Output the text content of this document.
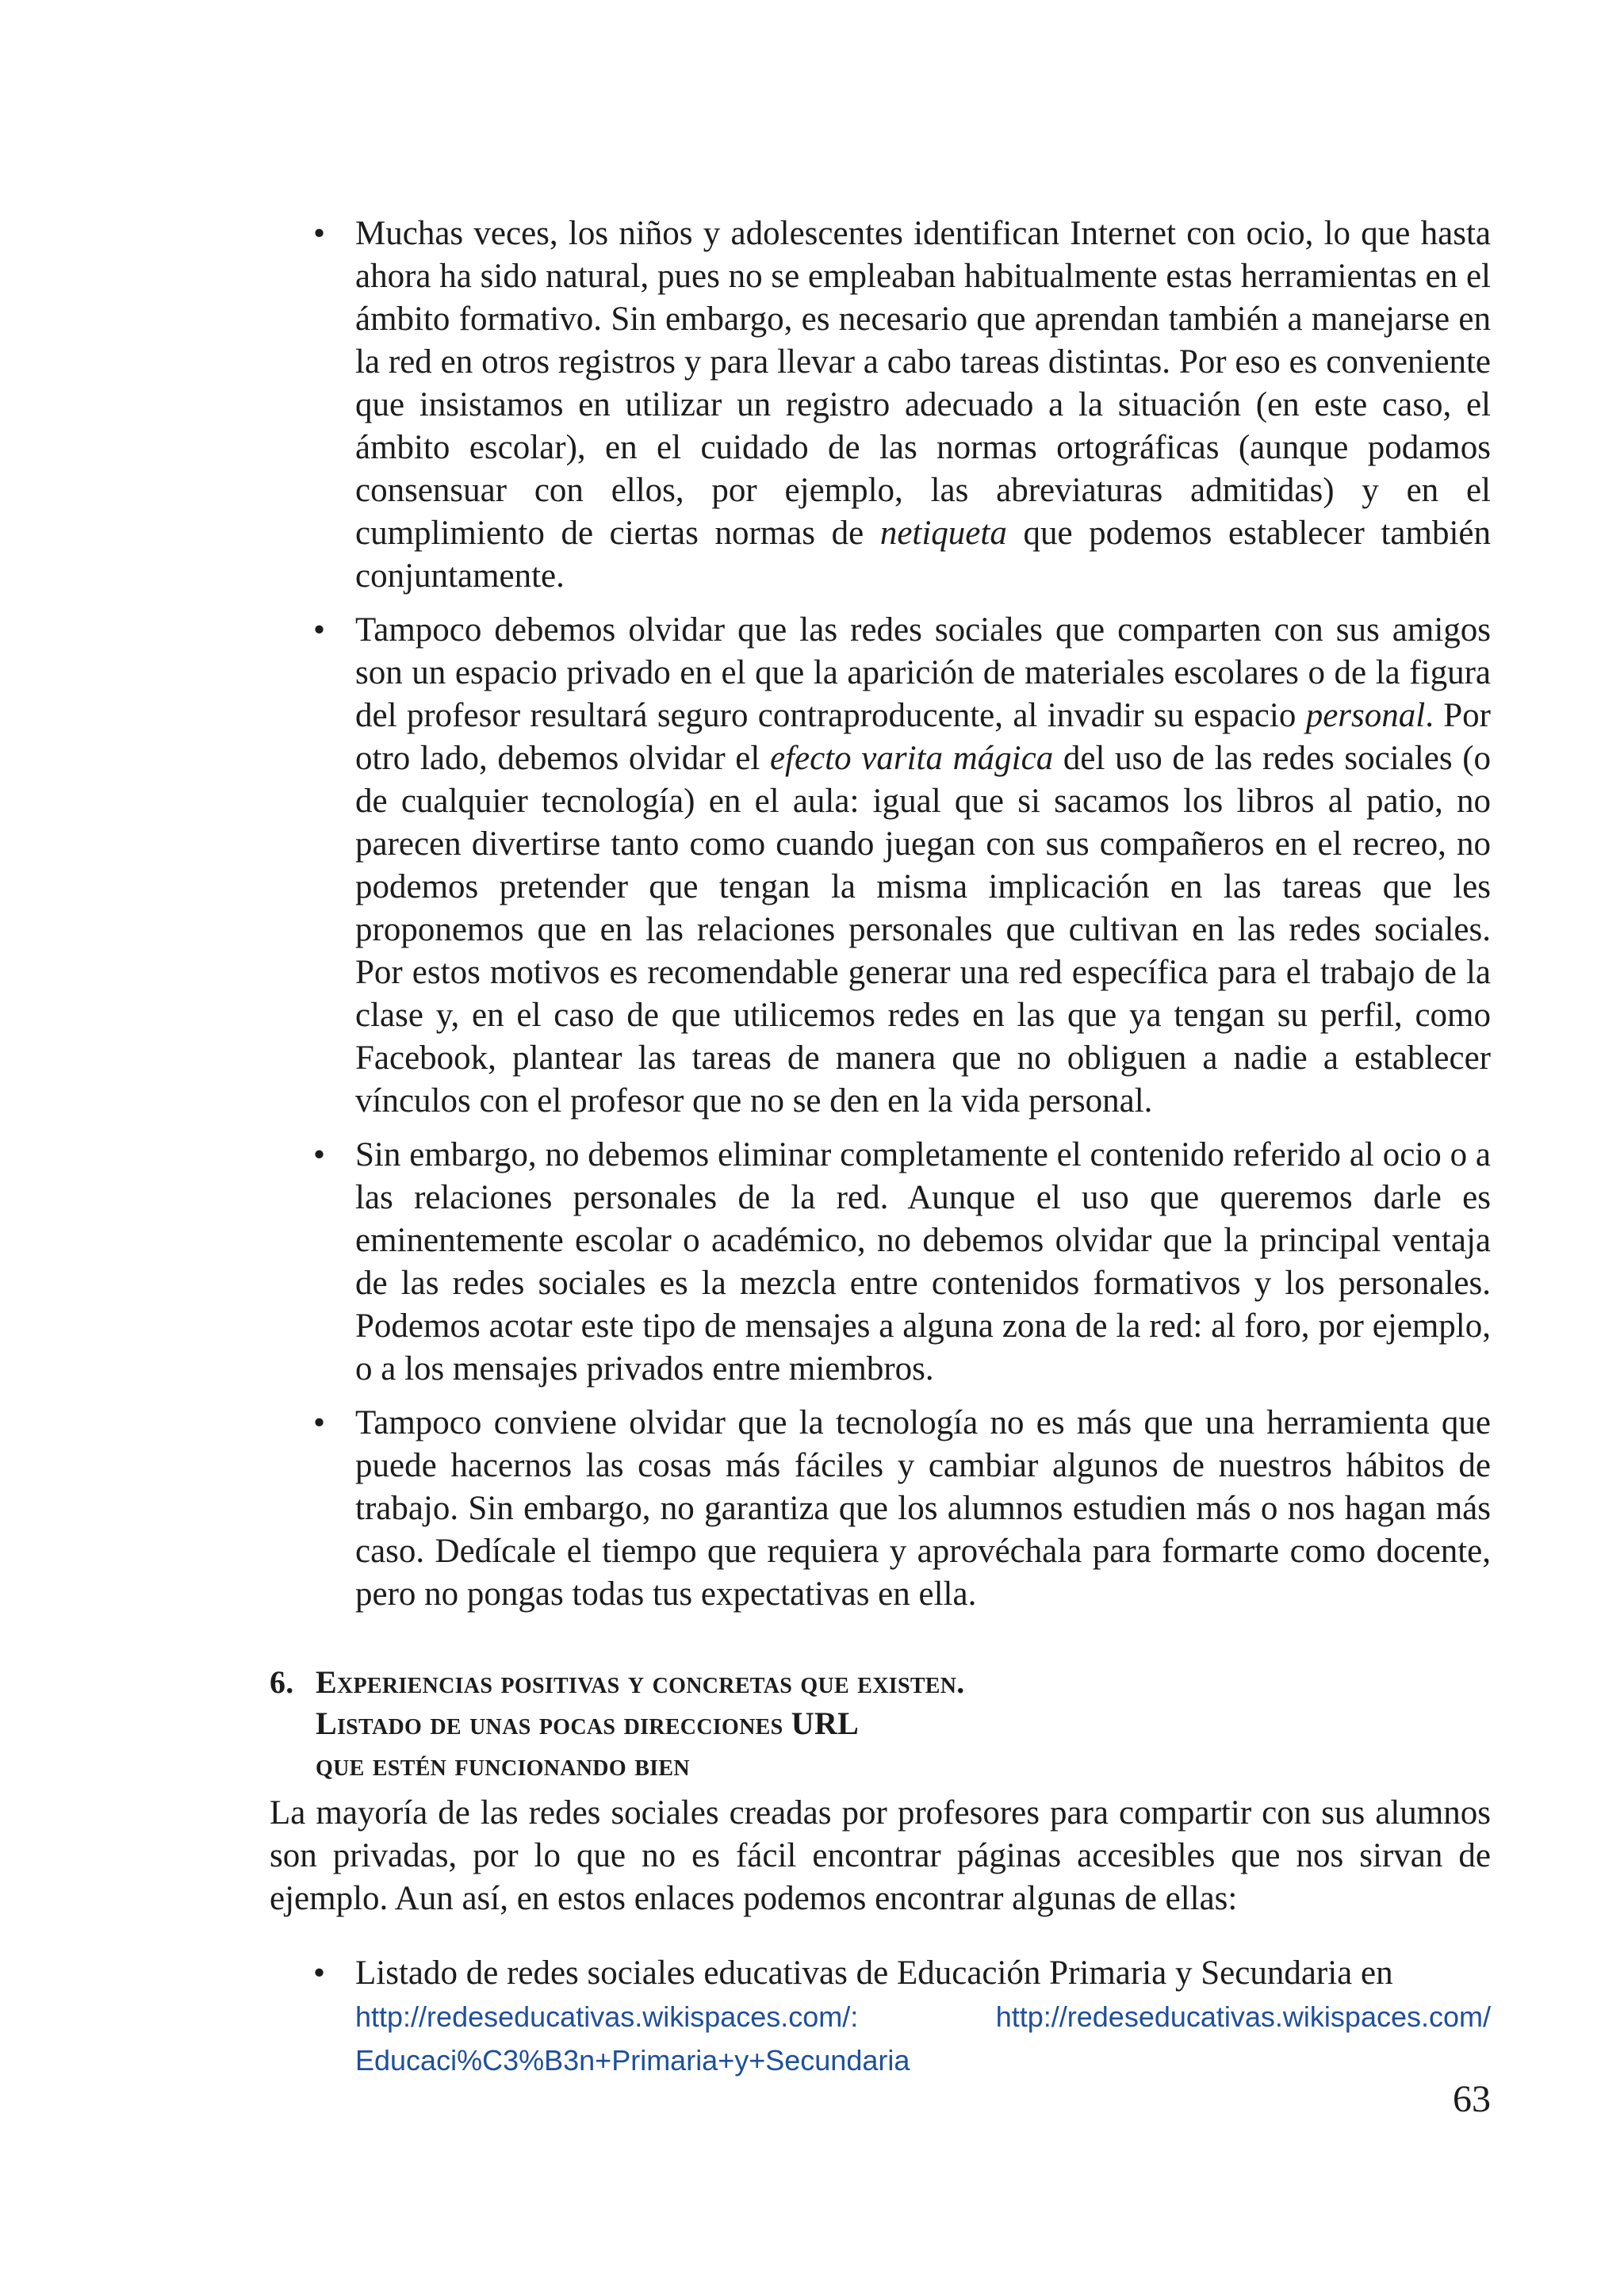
• Muchas veces, los niños y adolescentes identifican Internet con ocio, lo que hasta ahora ha sido natural, pues no se empleaban habitualmente estas herramientas en el ámbito formativo. Sin embargo, es necesario que aprendan también a manejarse en la red en otros registros y para llevar a cabo tareas distintas. Por eso es conveniente que insistamos en utilizar un registro adecuado a la situación (en este caso, el ámbito escolar), en el cuidado de las normas ortográficas (aunque podamos consensuar con ellos, por ejemplo, las abreviaturas admitidas) y en el cumplimiento de ciertas normas de netiqueta que podemos establecer también conjuntamente.

• Tampoco debemos olvidar que las redes sociales que comparten con sus amigos son un espacio privado en el que la aparición de materiales escolares o de la figura del profesor resultará seguro contraproducente, al invadir su espacio personal. Por otro lado, debemos olvidar el efecto varita mágica del uso de las redes sociales (o de cualquier tecnología) en el aula: igual que si sacamos los libros al patio, no parecen divertirse tanto como cuando juegan con sus compañeros en el recreo, no podemos pretender que tengan la misma implicación en las tareas que les proponemos que en las relaciones personales que cultivan en las redes sociales. Por estos motivos es recomendable generar una red específica para el trabajo de la clase y, en el caso de que utilicemos redes en las que ya tengan su perfil, como Facebook, plantear las tareas de manera que no obliguen a nadie a establecer vínculos con el profesor que no se den en la vida personal.

• Sin embargo, no debemos eliminar completamente el contenido referido al ocio o a las relaciones personales de la red. Aunque el uso que queremos darle es eminentemente escolar o académico, no debemos olvidar que la principal ventaja de las redes sociales es la mezcla entre contenidos formativos y los personales. Podemos acotar este tipo de mensajes a alguna zona de la red: al foro, por ejemplo, o a los mensajes privados entre miembros.

• Tampoco conviene olvidar que la tecnología no es más que una herramienta que puede hacernos las cosas más fáciles y cambiar algunos de nuestros hábitos de trabajo. Sin embargo, no garantiza que los alumnos estudien más o nos hagan más caso. Dedícale el tiempo que requiera y aprovéchala para formarte como docente, pero no pongas todas tus expectativas en ella.

6. Experiencias positivas y concretas que existen.
Listado de unas pocas direcciones URL
que estén funcionando bien

La mayoría de las redes sociales creadas por profesores para compartir con sus alumnos son privadas, por lo que no es fácil encontrar páginas accesibles que nos sirvan de ejemplo. Aun así, en estos enlaces podemos encontrar algunas de ellas:

• Listado de redes sociales educativas de Educación Primaria y Secundaria en

http://redeseducativas.wikispaces.com/: http://redeseducativas.wikispaces.com/
Educaci%C3%B3n+Primaria+y+Secundaria
63
